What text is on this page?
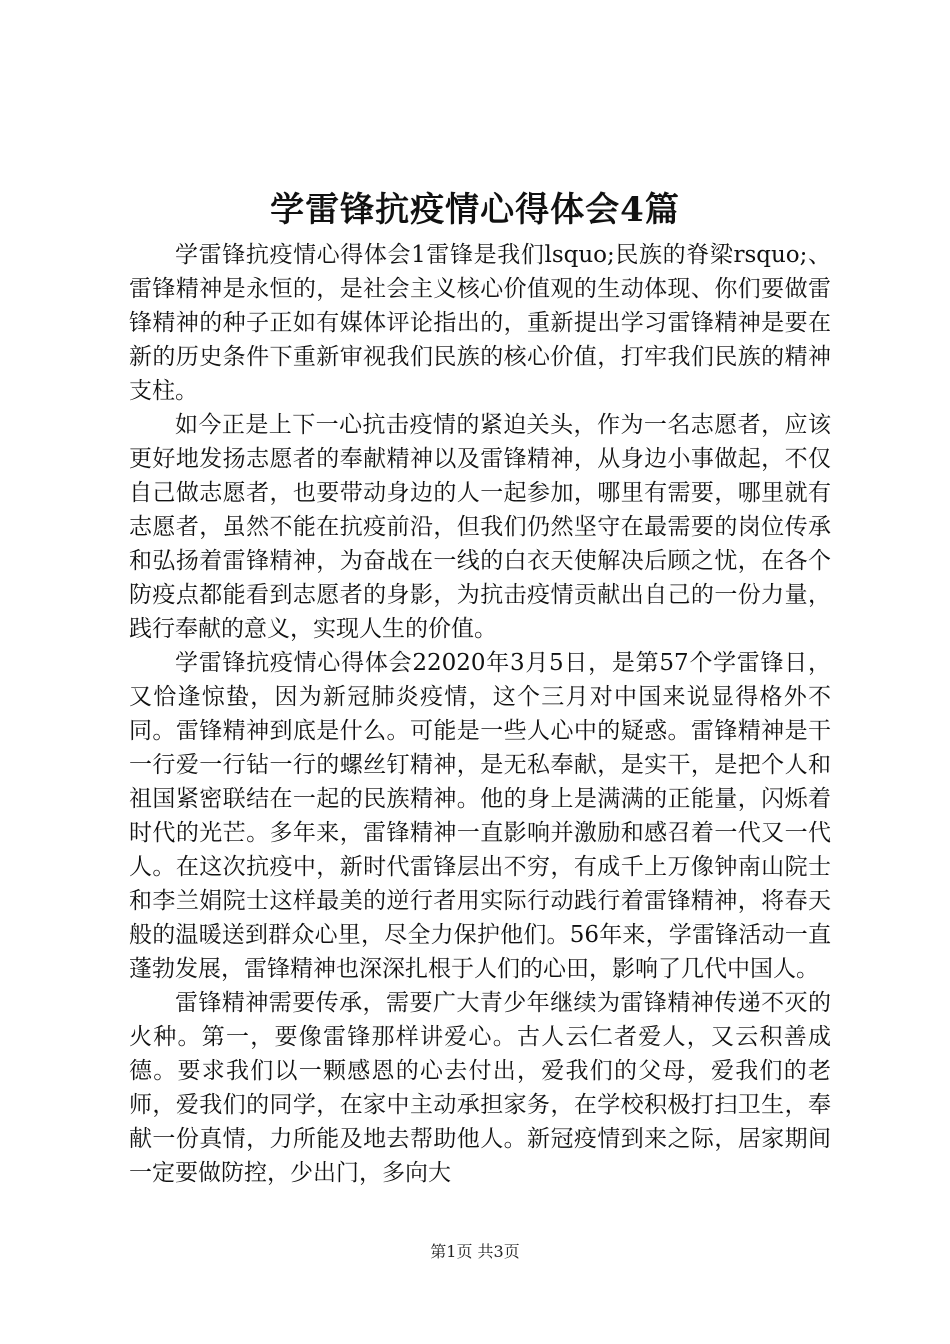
学雷锋抗疫情心得体会4篇

学雷锋抗疫情心得体会1雷锋是我们lsquo;民族的脊梁rsquo;、雷锋精神是永恒的，是社会主义核心价值观的生动体现、你们要做雷锋精神的种子正如有媒体评论指出的，重新提出学习雷锋精神是要在新的历史条件下重新审视我们民族的核心价值，打牢我们民族的精神支柱。

如今正是上下一心抗击疫情的紧迫关头，作为一名志愿者，应该更好地发扬志愿者的奉献精神以及雷锋精神，从身边小事做起，不仅自己做志愿者，也要带动身边的人一起参加，哪里有需要，哪里就有志愿者，虽然不能在抗疫前沿，但我们仍然坚守在最需要的岗位传承和弘扬着雷锋精神，为奋战在一线的白衣天使解决后顾之忧，在各个防疫点都能看到志愿者的身影，为抗击疫情贡献出自己的一份力量，践行奉献的意义，实现人生的价值。

学雷锋抗疫情心得体会22020年3月5日，是第57个学雷锋日，又恰逢惊蛰，因为新冠肺炎疫情，这个三月对中国来说显得格外不同。雷锋精神到底是什么。可能是一些人心中的疑惑。雷锋精神是干一行爱一行钻一行的螺丝钉精神，是无私奉献，是实干，是把个人和祖国紧密联结在一起的民族精神。他的身上是满满的正能量，闪烁着时代的光芒。多年来，雷锋精神一直影响并激励和感召着一代又一代人。在这次抗疫中，新时代雷锋层出不穷，有成千上万像钟南山院士和李兰娟院士这样最美的逆行者用实际行动践行着雷锋精神，将春天般的温暖送到群众心里，尽全力保护他们。56年来，学雷锋活动一直蓬勃发展，雷锋精神也深深扎根于人们的心田，影响了几代中国人。

雷锋精神需要传承，需要广大青少年继续为雷锋精神传递不灭的火种。第一，要像雷锋那样讲爱心。古人云仁者爱人，又云积善成德。要求我们以一颗感恩的心去付出，爱我们的父母，爱我们的老师，爱我们的同学，在家中主动承担家务，在学校积极打扫卫生，奉献一份真情，力所能及地去帮助他人。新冠疫情到来之际，居家期间一定要做防控，少出门，多向大

第1页 共3页
